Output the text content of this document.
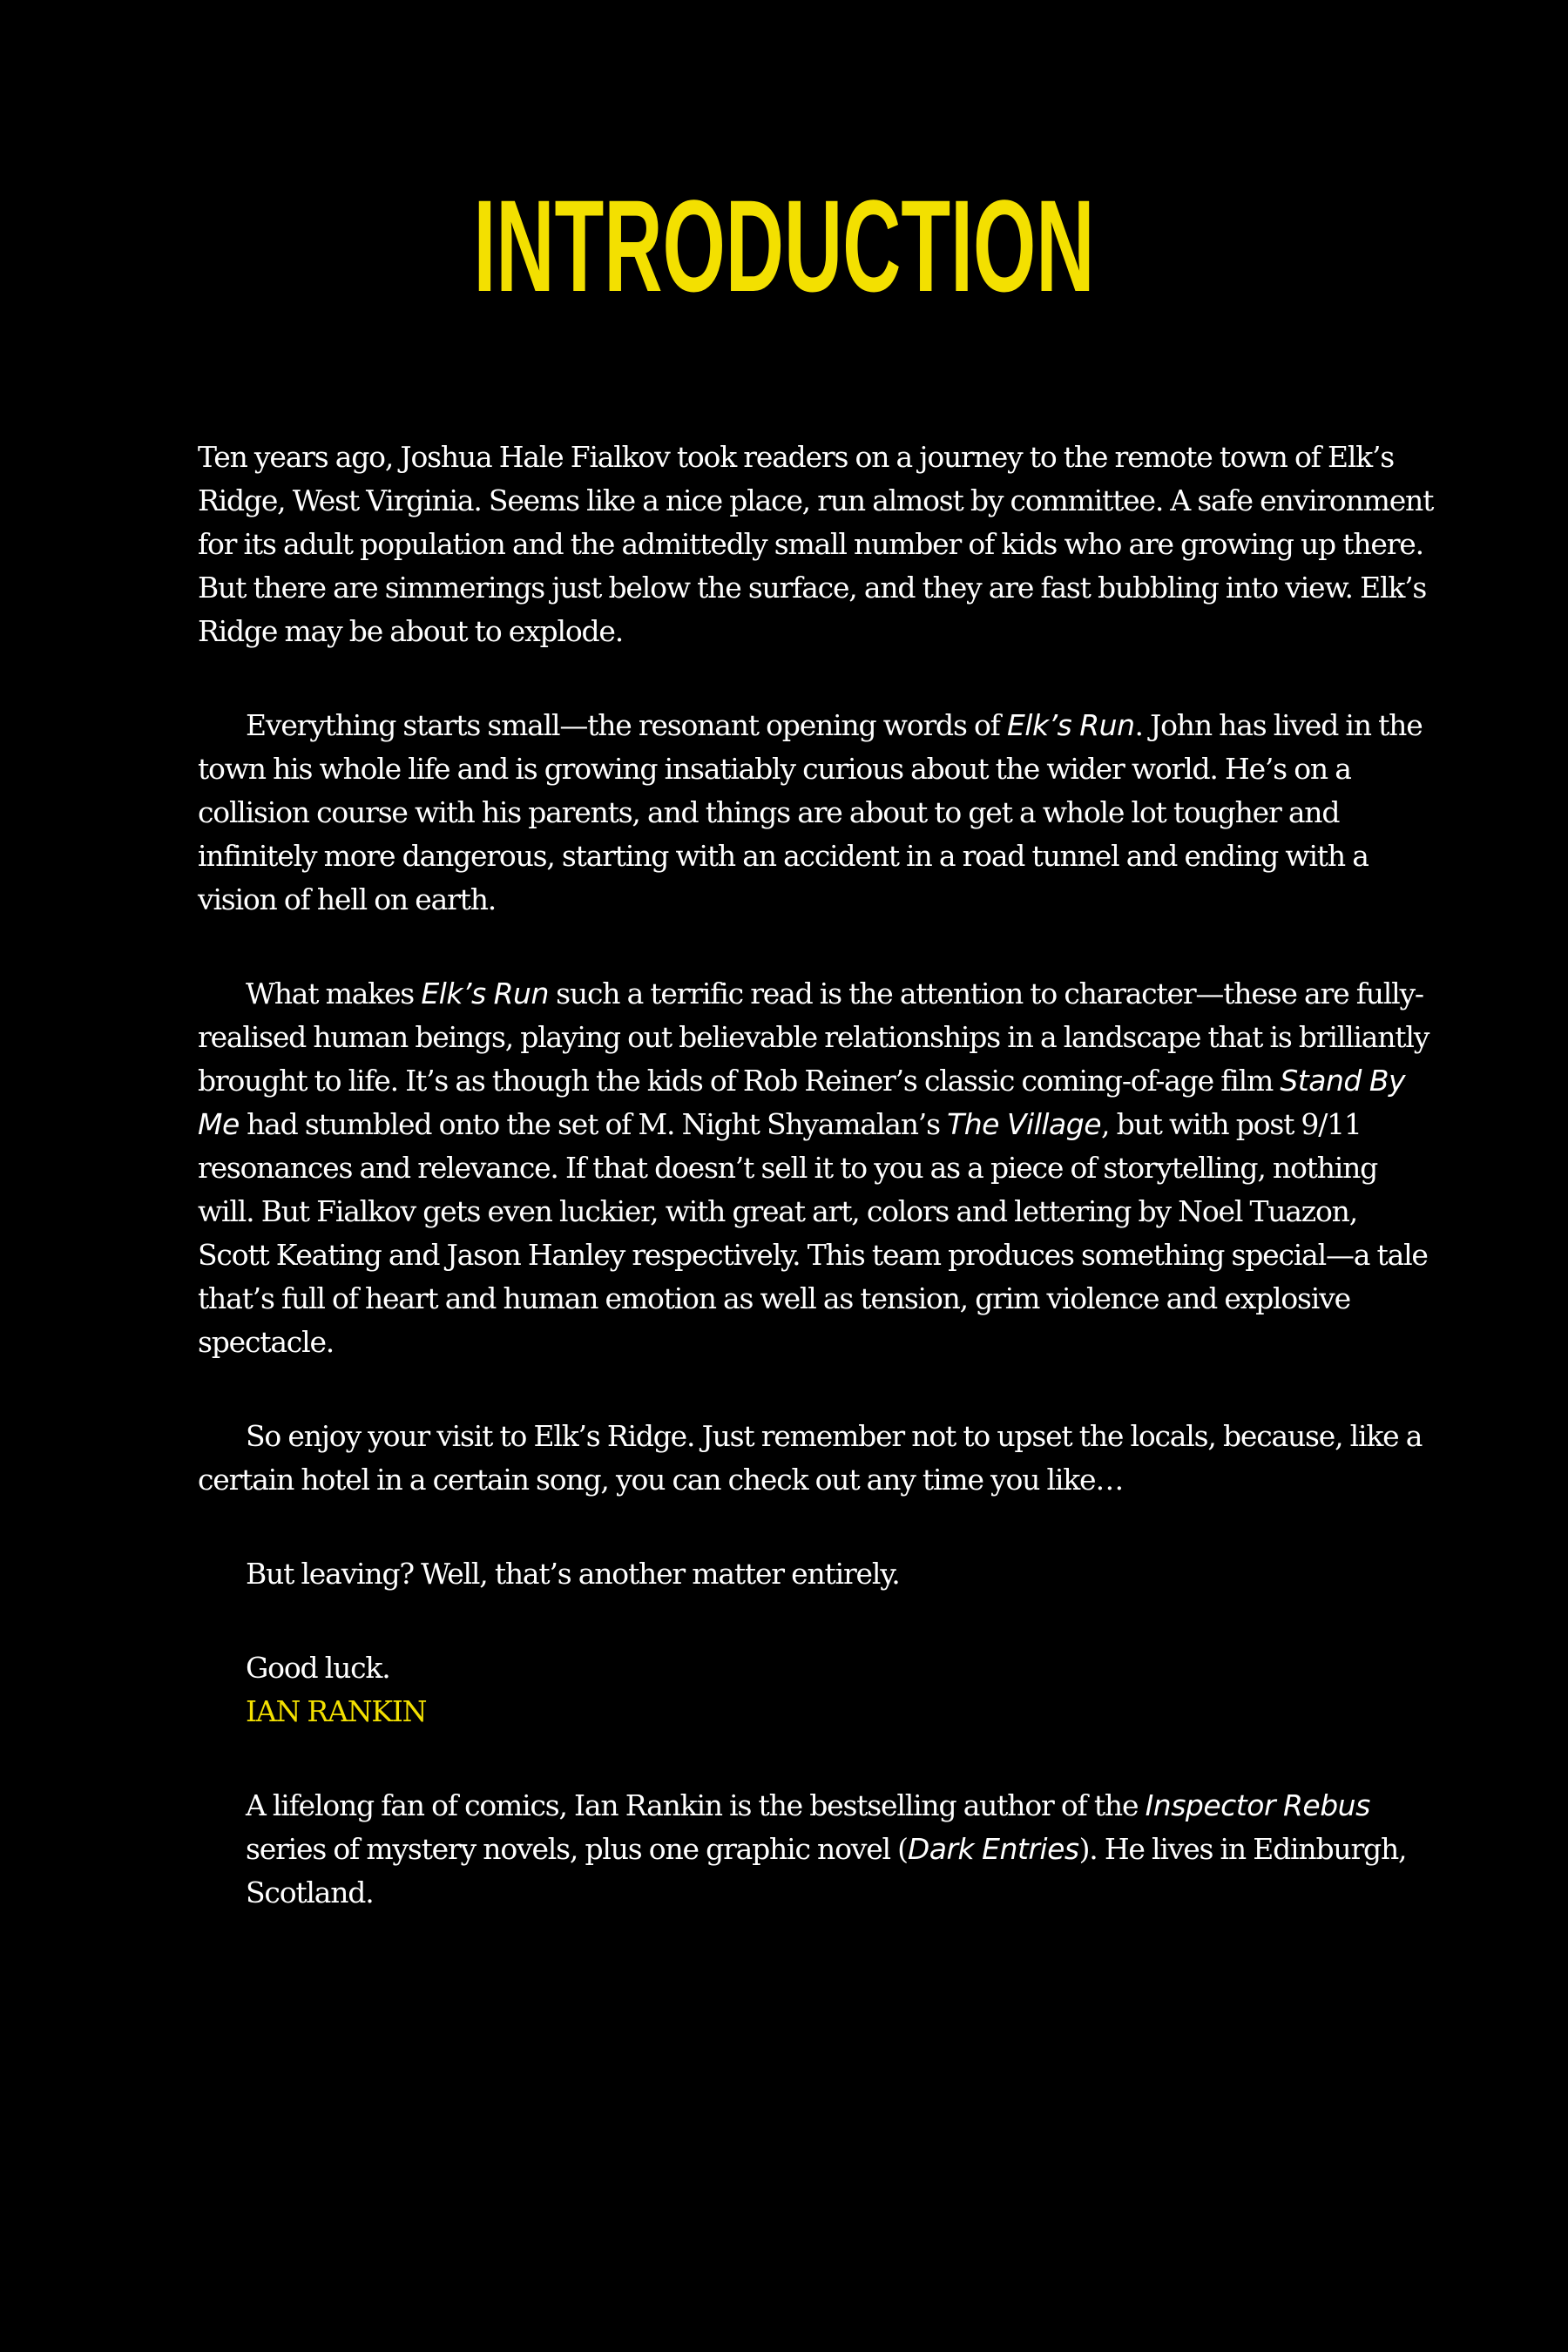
INTRODUCTION

Ten years ago, Joshua Hale Fialkov took readers on a journey to the remote town of Elk’s Ridge, West Virginia. Seems like a nice place, run almost by committee. A safe environment for its adult population and the admittedly small number of kids who are growing up there. But there are simmerings just below the surface, and they are fast bubbling into view. Elk’s Ridge may be about to explode.

Everything starts small—the resonant opening words of Elk’s Run. John has lived in the town his whole life and is growing insatiably curious about the wider world. He’s on a collision course with his parents, and things are about to get a whole lot tougher and infinitely more dangerous, starting with an accident in a road tunnel and ending with a vision of hell on earth.

What makes Elk’s Run such a terrific read is the attention to character—these are fully-realised human beings, playing out believable relationships in a landscape that is brilliantly brought to life. It’s as though the kids of Rob Reiner’s classic coming-of-age film Stand By Me had stumbled onto the set of M. Night Shyamalan’s The Village, but with post 9/11 resonances and relevance. If that doesn’t sell it to you as a piece of storytelling, nothing will. But Fialkov gets even luckier, with great art, colors and lettering by Noel Tuazon, Scott Keating and Jason Hanley respectively. This team produces something special—a tale that’s full of heart and human emotion as well as tension, grim violence and explosive spectacle.

So enjoy your visit to Elk’s Ridge. Just remember not to upset the locals, because, like a certain hotel in a certain song, you can check out any time you like…

But leaving? Well, that’s another matter entirely.

Good luck.

IAN RANKIN

A lifelong fan of comics, Ian Rankin is the bestselling author of the Inspector Rebus series of mystery novels, plus one graphic novel (Dark Entries). He lives in Edinburgh, Scotland.
